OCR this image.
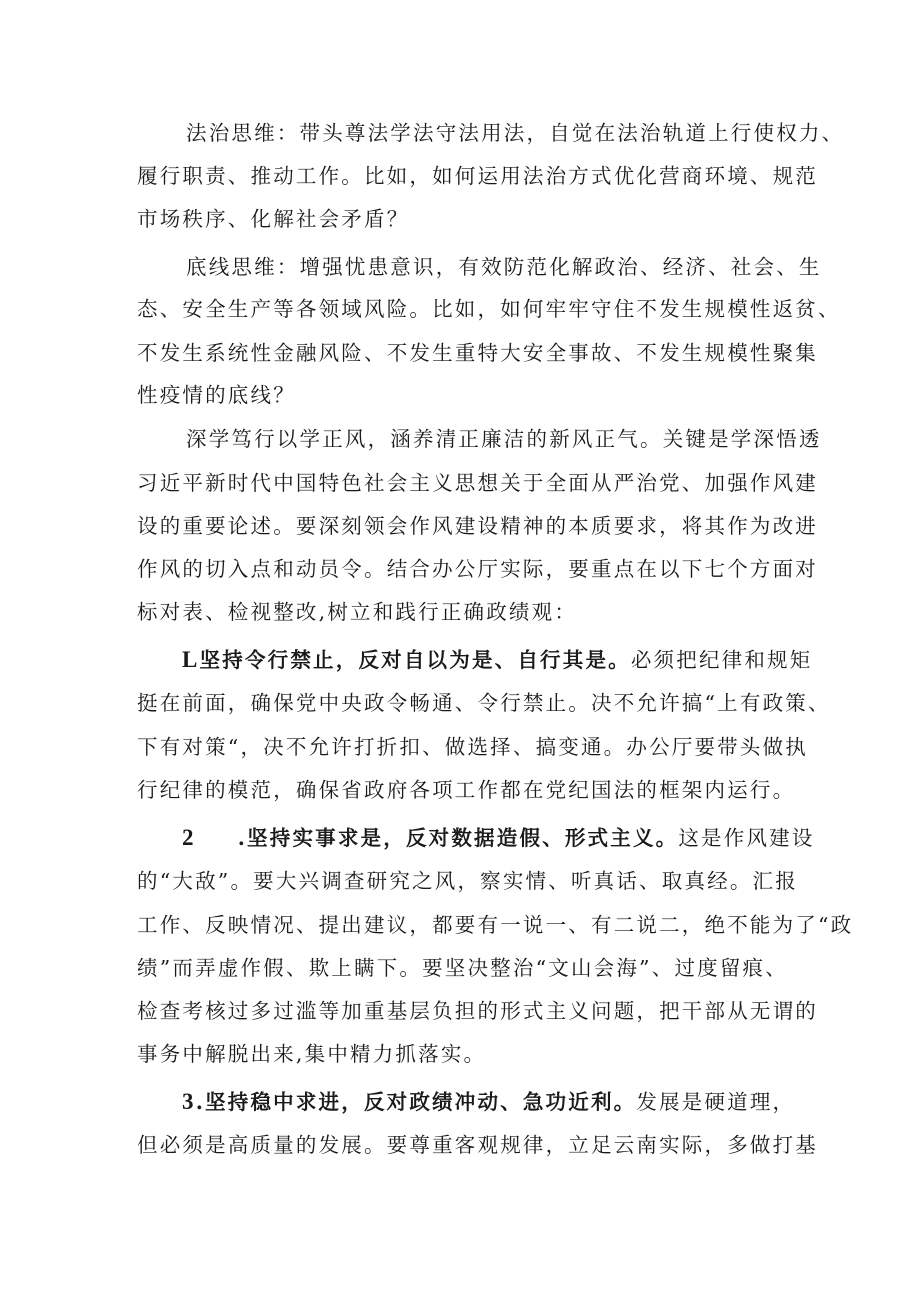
法治思维：带头尊法学法守法用法，自觉在法治轨道上行使权力、
履行职责、推动工作。比如，如何运用法治方式优化营商环境、规范
市场秩序、化解社会矛盾？
底线思维：增强忧患意识，有效防范化解政治、经济、社会、生
态、安全生产等各领域风险。比如，如何牢牢守住不发生规模性返贫、
不发生系统性金融风险、不发生重特大安全事故、不发生规模性聚集
性疫情的底线？
深学笃行以学正风，涵养清正廉洁的新风正气。关键是学深悟透
习近平新时代中国特色社会主义思想关于全面从严治党、加强作风建
设的重要论述。要深刻领会作风建设精神的本质要求，将其作为改进
作风的切入点和动员令。结合办公厅实际，要重点在以下七个方面对
标对表、检视整改,树立和践行正确政绩观：
L坚持令行禁止，反对自以为是、自行其是。必须把纪律和规矩
挺在前面，确保党中央政令畅通、令行禁止。决不允许搞“上有政策、
下有对策“，决不允许打折扣、做选择、搞变通。办公厅要带头做执
行纪律的模范，确保省政府各项工作都在党纪国法的框架内运行。
2 .坚持实事求是，反对数据造假、形式主义。这是作风建设
的“大敌”。要大兴调查研究之风，察实情、听真话、取真经。汇报
工作、反映情况、提出建议，都要有一说一、有二说二，绝不能为了“政
绩”而弄虚作假、欺上瞒下。要坚决整治“文山会海”、过度留痕、
检查考核过多过滥等加重基层负担的形式主义问题，把干部从无谓的
事务中解脱出来,集中精力抓落实。
3.坚持稳中求进，反对政绩冲动、急功近利。发展是硬道理，
但必须是高质量的发展。要尊重客观规律，立足云南实际，多做打基
